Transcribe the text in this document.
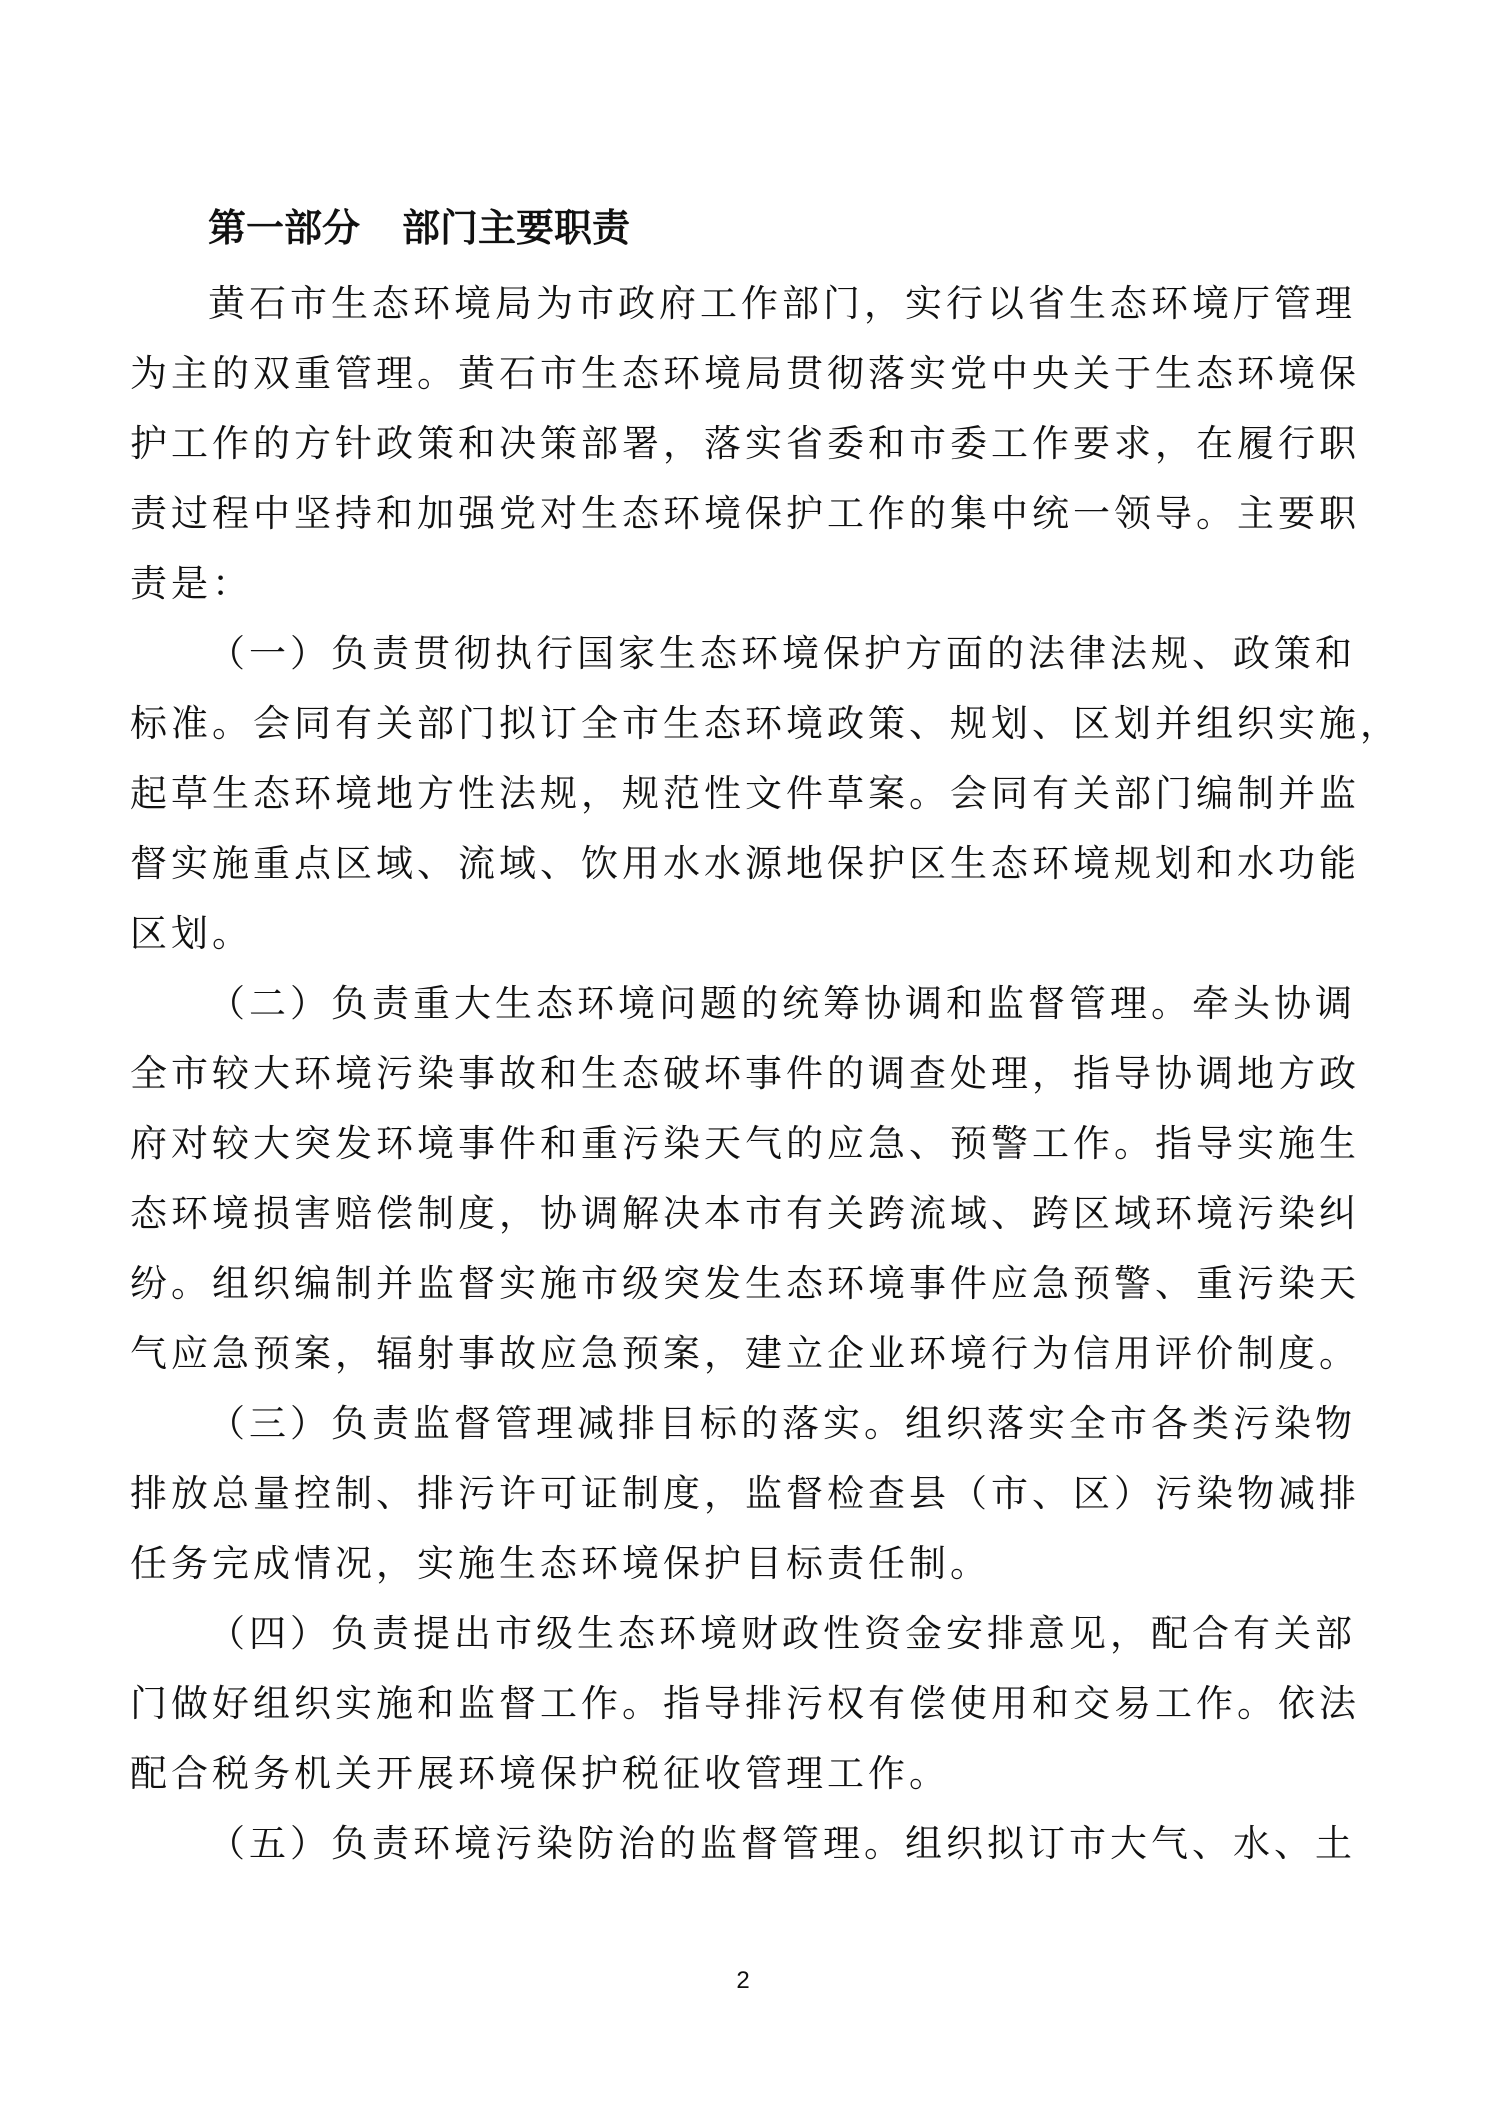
第一部分 部门主要职责
黄石市生态环境局为市政府工作部门，实行以省生态环境厅管理
为主的双重管理。黄石市生态环境局贯彻落实党中央关于生态环境保
护工作的方针政策和决策部署，落实省委和市委工作要求，在履行职
责过程中坚持和加强党对生态环境保护工作的集中统一领导。主要职
责是：
（一）负责贯彻执行国家生态环境保护方面的法律法规、政策和
标准。会同有关部门拟订全市生态环境政策、规划、区划并组织实施，
起草生态环境地方性法规，规范性文件草案。会同有关部门编制并监
督实施重点区域、流域、饮用水水源地保护区生态环境规划和水功能
区划。
（二）负责重大生态环境问题的统筹协调和监督管理。牵头协调
全市较大环境污染事故和生态破坏事件的调查处理，指导协调地方政
府对较大突发环境事件和重污染天气的应急、预警工作。指导实施生
态环境损害赔偿制度，协调解决本市有关跨流域、跨区域环境污染纠
纷。组织编制并监督实施市级突发生态环境事件应急预警、重污染天
气应急预案，辐射事故应急预案，建立企业环境行为信用评价制度。
（三）负责监督管理减排目标的落实。组织落实全市各类污染物
排放总量控制、排污许可证制度，监督检查县（市、区）污染物减排
任务完成情况，实施生态环境保护目标责任制。
（四）负责提出市级生态环境财政性资金安排意见，配合有关部
门做好组织实施和监督工作。指导排污权有偿使用和交易工作。依法
配合税务机关开展环境保护税征收管理工作。
（五）负责环境污染防治的监督管理。组织拟订市大气、水、土
2
